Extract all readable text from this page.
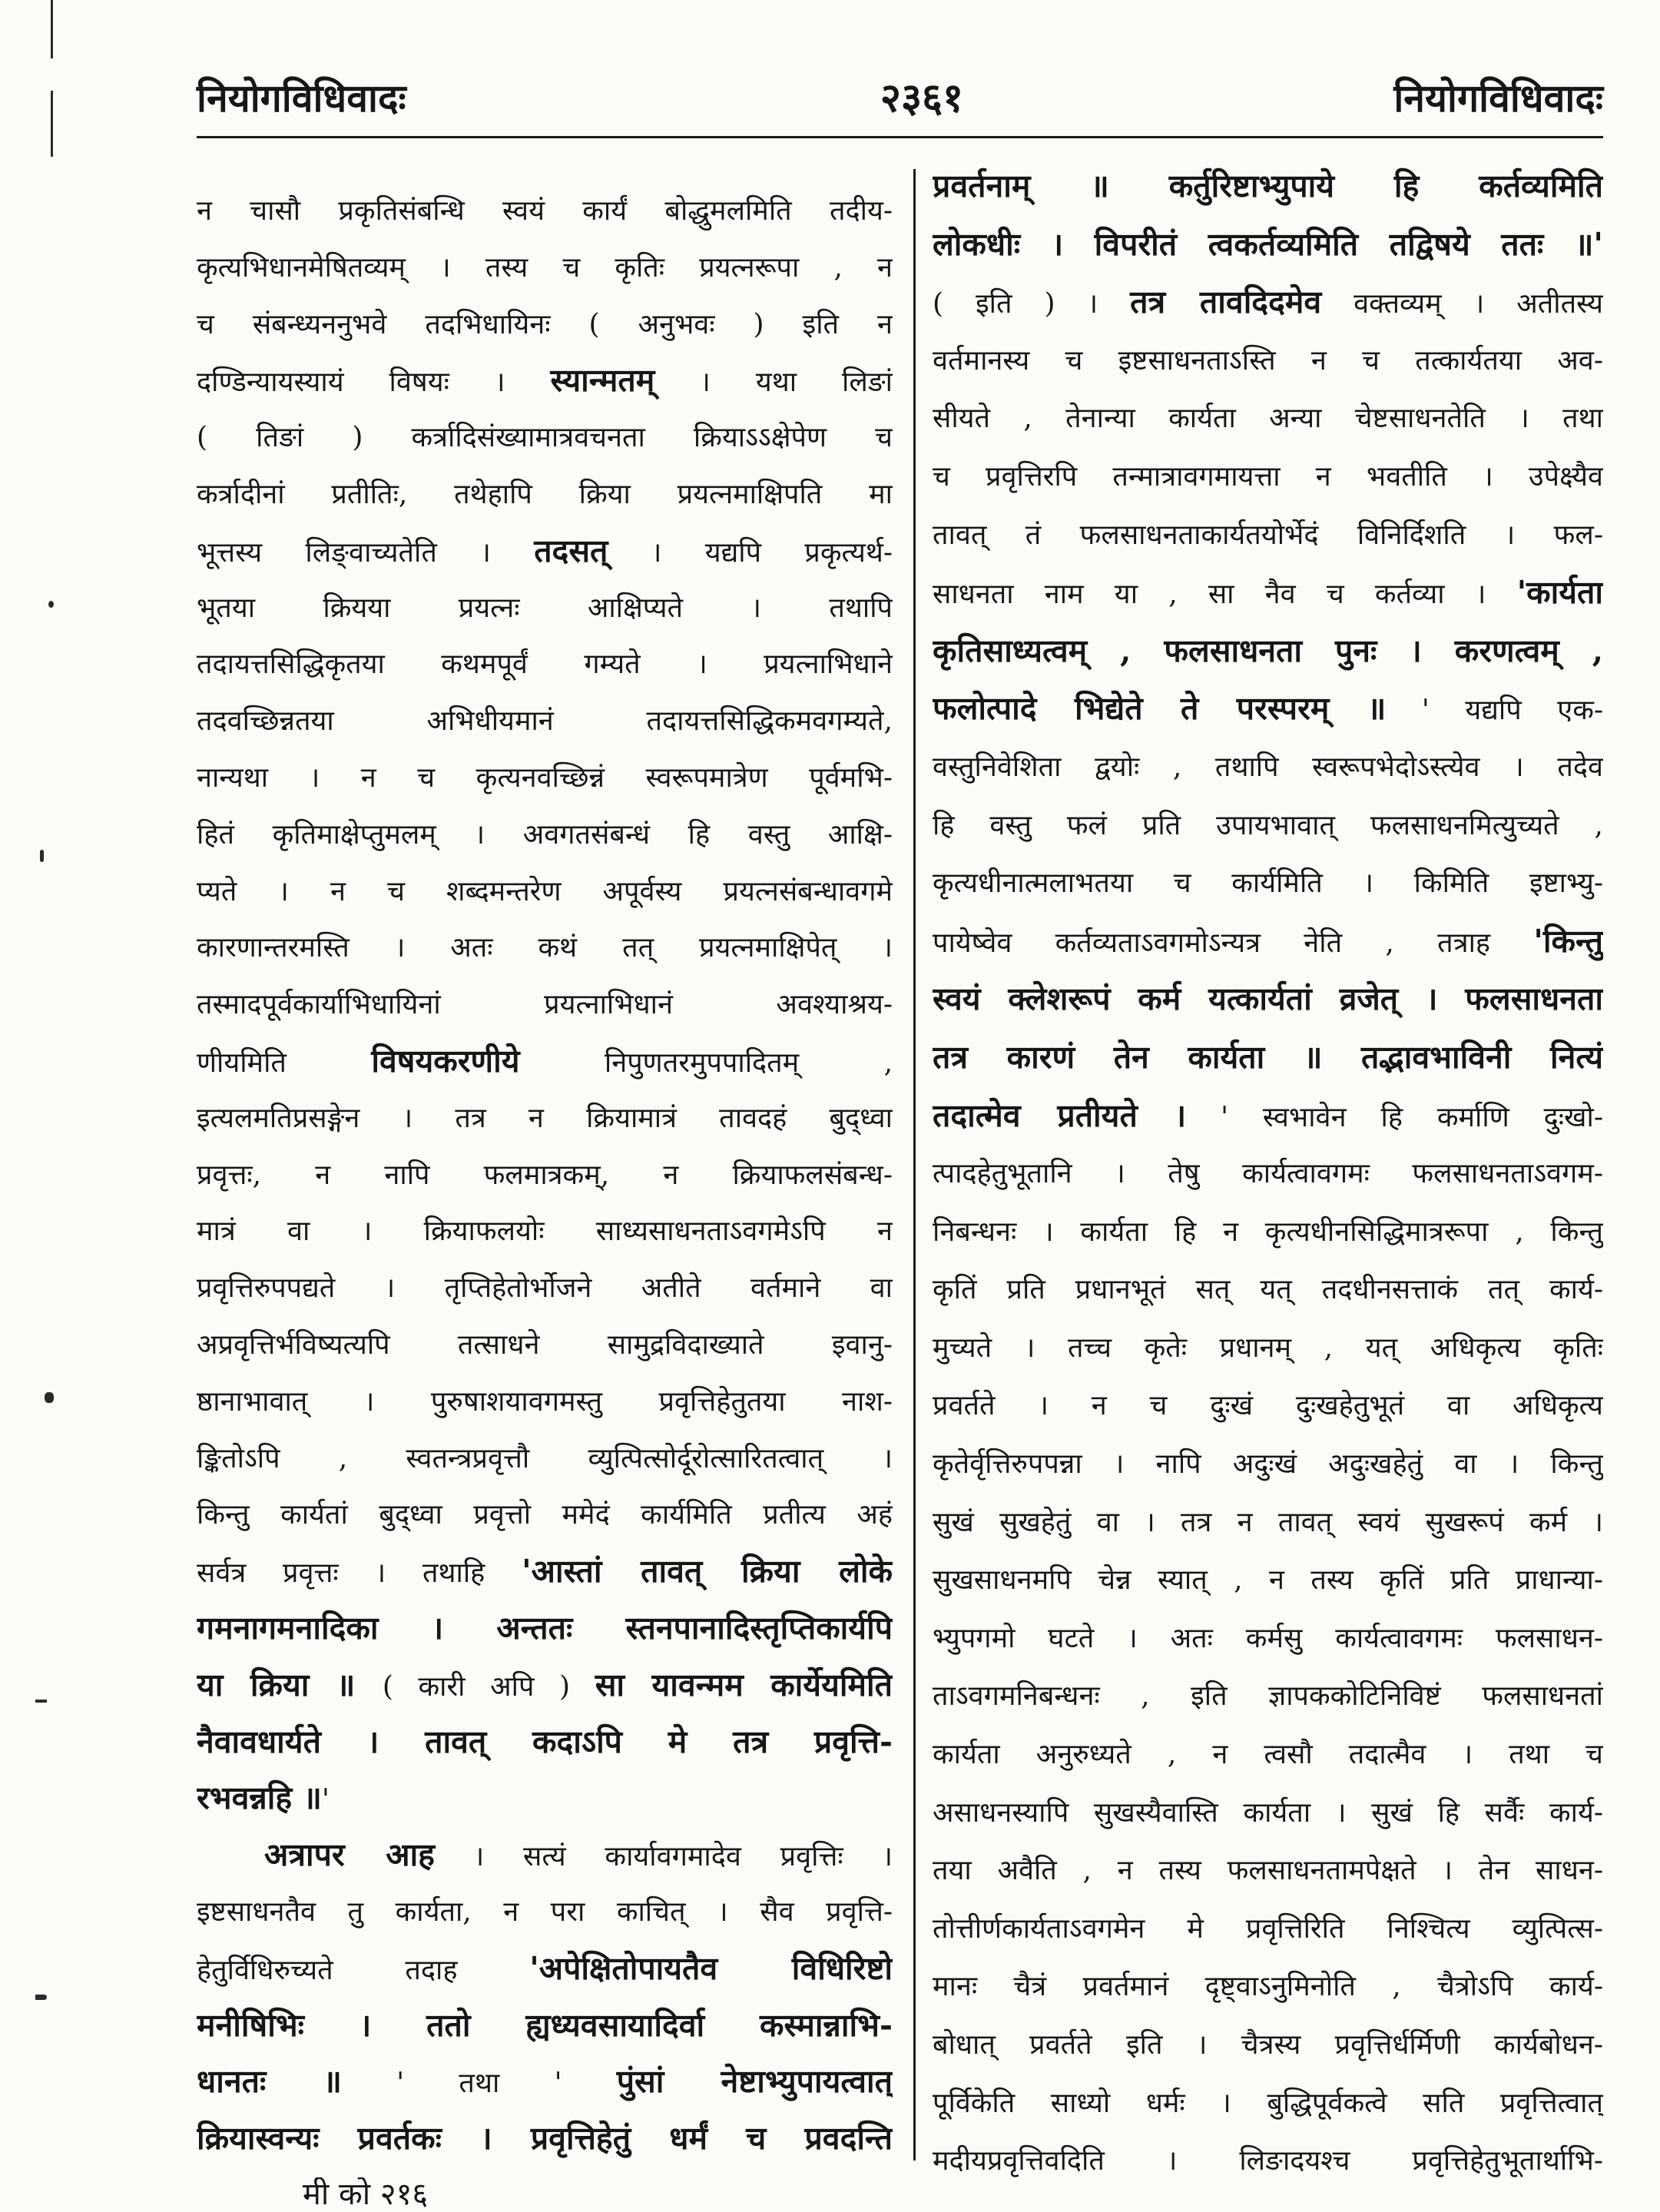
नियोगविधिवादः	२३६१	नियोगविधिवादः
न चासौ प्रकृतिसंबन्धि स्वयं कार्यं बोद्धुमलमिति तदीय-
कृत्यभिधानमेषितव्यम् । तस्य च कृतिः प्रयत्नरूपा , न
च संबन्ध्यननुभवे तदभिधायिनः ( अनुभवः ) इति न
दण्डिन्यायस्यायं विषयः । स्यान्मतम् । यथा लिङां
( तिङां ) कर्त्रादिसंख्यामात्रवचनता क्रियाऽऽक्षेपेण च
कर्त्रादीनां प्रतीतिः, तथेहापि क्रिया प्रयत्नमाक्षिपति मा
भूत्तस्य लिङ्वाच्यतेति । तदसत् । यद्यपि प्रकृत्यर्थ-
भूतया क्रियया प्रयत्नः आक्षिप्यते । तथापि
तदायत्तसिद्धिकृतया कथमपूर्वं गम्यते । प्रयत्नाभिधाने
तदवच्छिन्नतया अभिधीयमानं तदायत्तसिद्धिकमवगम्यते,
नान्यथा । न च कृत्यनवच्छिन्नं स्वरूपमात्रेण पूर्वमभि-
हितं कृतिमाक्षेप्तुमलम् । अवगतसंबन्धं हि वस्तु आक्षि-
प्यते । न च शब्दमन्तरेण अपूर्वस्य प्रयत्नसंबन्धावगमे
कारणान्तरमस्ति । अतः कथं तत् प्रयत्नमाक्षिपेत् ।
तस्मादपूर्वकार्याभिधायिनां प्रयत्नाभिधानं अवश्याश्रय-
णीयमिति विषयकरणीये निपुणतरमुपपादितम् ,
इत्यलमतिप्रसङ्गेन । तत्र न क्रियामात्रं तावदहं बुद्ध्वा
प्रवृत्तः, न नापि फलमात्रकम्, न क्रियाफलसंबन्ध-
मात्रं वा । क्रियाफलयोः साध्यसाधनताऽवगमेऽपि न
प्रवृत्तिरुपपद्यते । तृप्तिहेतोर्भोजने अतीते वर्तमाने वा
अप्रवृत्तिर्भविष्यत्यपि तत्साधने सामुद्रविदाख्याते इवानु-
ष्ठानाभावात् । पुरुषाशयावगमस्तु प्रवृत्तिहेतुतया नाश-
ङ्कितोऽपि , स्वतन्त्रप्रवृत्तौ व्युत्पित्सोर्दूरोत्सारितत्वात् ।
किन्तु कार्यतां बुद्ध्वा प्रवृत्तो ममेदं कार्यमिति प्रतीत्य अहं
सर्वत्र प्रवृत्तः । तथाहि 'आस्तां तावत् क्रिया लोके
गमनागमनादिका । अन्ततः स्तनपानादिस्तृप्तिकार्यपि
या क्रिया ॥ ( कारी अपि ) सा यावन्मम कार्येयमिति
नैवावधार्यते । तावत् कदाऽपि मे तत्र प्रवृत्ति-
रभवन्नहि ॥'
अत्रापर आह । सत्यं कार्यावगमादेव प्रवृत्तिः ।
इष्टसाधनतैव तु कार्यता, न परा काचित् । सैव प्रवृत्ति-
हेतुर्विधिरुच्यते तदाह 'अपेक्षितोपायतैव विधिरिष्टो
मनीषिभिः । ततो ह्यध्यवसायादिर्वा कस्मान्नाभि-
धानतः ॥ ' तथा ' पुंसां नेष्टाभ्युपायत्वात्
क्रियास्वन्यः प्रवर्तकः । प्रवृत्तिहेतुं धर्मं च प्रवदन्ति
प्रवर्तनाम् ॥ कर्तुरिष्टाभ्युपाये हि कर्तव्यमिति
लोकधीः । विपरीतं त्वकर्तव्यमिति तद्विषये ततः ॥'
( इति ) । तत्र तावदिदमेव वक्तव्यम् । अतीतस्य
वर्तमानस्य च इष्टसाधनताऽस्ति न च तत्कार्यतया अव-
सीयते , तेनान्या कार्यता अन्या चेष्टसाधनतेति । तथा
च प्रवृत्तिरपि तन्मात्रावगमायत्ता न भवतीति । उपेक्ष्यैव
तावत् तं फलसाधनताकार्यतयोर्भेदं विनिर्दिशति । फल-
साधनता नाम या , सा नैव च कर्तव्या । 'कार्यता
कृतिसाध्यत्वम् , फलसाधनता पुनः । करणत्वम् ,
फलोत्पादे भिद्येते ते परस्परम् ॥ ' यद्यपि एक-
वस्तुनिवेशिता द्वयोः , तथापि स्वरूपभेदोऽस्त्येव । तदेव
हि वस्तु फलं प्रति उपायभावात् फलसाधनमित्युच्यते ,
कृत्यधीनात्मलाभतया च कार्यमिति । किमिति इष्टाभ्यु-
पायेष्वेव कर्तव्यताऽवगमोऽन्यत्र नेति , तत्राह 'किन्तु
स्वयं क्लेशरूपं कर्म यत्कार्यतां व्रजेत् । फलसाधनता
तत्र कारणं तेन कार्यता ॥ तद्भावभाविनी नित्यं
तदात्मेव प्रतीयते । ' स्वभावेन हि कर्माणि दुःखो-
त्पादहेतुभूतानि । तेषु कार्यत्वावगमः फलसाधनताऽवगम-
निबन्धनः । कार्यता हि न कृत्यधीनसिद्धिमात्ररूपा , किन्तु
कृतिं प्रति प्रधानभूतं सत् यत् तदधीनसत्ताकं तत् कार्य-
मुच्यते । तच्च कृतेः प्रधानम् , यत् अधिकृत्य कृतिः
प्रवर्तते । न च दुःखं दुःखहेतुभूतं वा अधिकृत्य
कृतेर्वृत्तिरुपपन्ना । नापि अदुःखं अदुःखहेतुं वा । किन्तु
सुखं सुखहेतुं वा । तत्र न तावत् स्वयं सुखरूपं कर्म ।
सुखसाधनमपि चेन्न स्यात् , न तस्य कृतिं प्रति प्राधान्या-
भ्युपगमो घटते । अतः कर्मसु कार्यत्वावगमः फलसाधन-
ताऽवगमनिबन्धनः , इति ज्ञापककोटिनिविष्टं फलसाधनतां
कार्यता अनुरुध्यते , न त्वसौ तदात्मैव । तथा च
असाधनस्यापि सुखस्यैवास्ति कार्यता । सुखं हि सर्वैः कार्य-
तया अवैति , न तस्य फलसाधनतामपेक्षते । तेन साधन-
तोत्तीर्णकार्यताऽवगमेन मे प्रवृत्तिरिति निश्चित्य व्युत्पित्स-
मानः चैत्रं प्रवर्तमानं दृष्ट्वाऽनुमिनोति , चैत्रोऽपि कार्य-
बोधात् प्रवर्तते इति । चैत्रस्य प्रवृत्तिर्धर्मिणी कार्यबोधन-
पूर्विकेति साध्यो धर्मः । बुद्धिपूर्वकत्वे सति प्रवृत्तित्वात्
मदीयप्रवृत्तिवदिति । लिङादयश्च प्रवृत्तिहेतुभूतार्थाभि-
मी को २१६
